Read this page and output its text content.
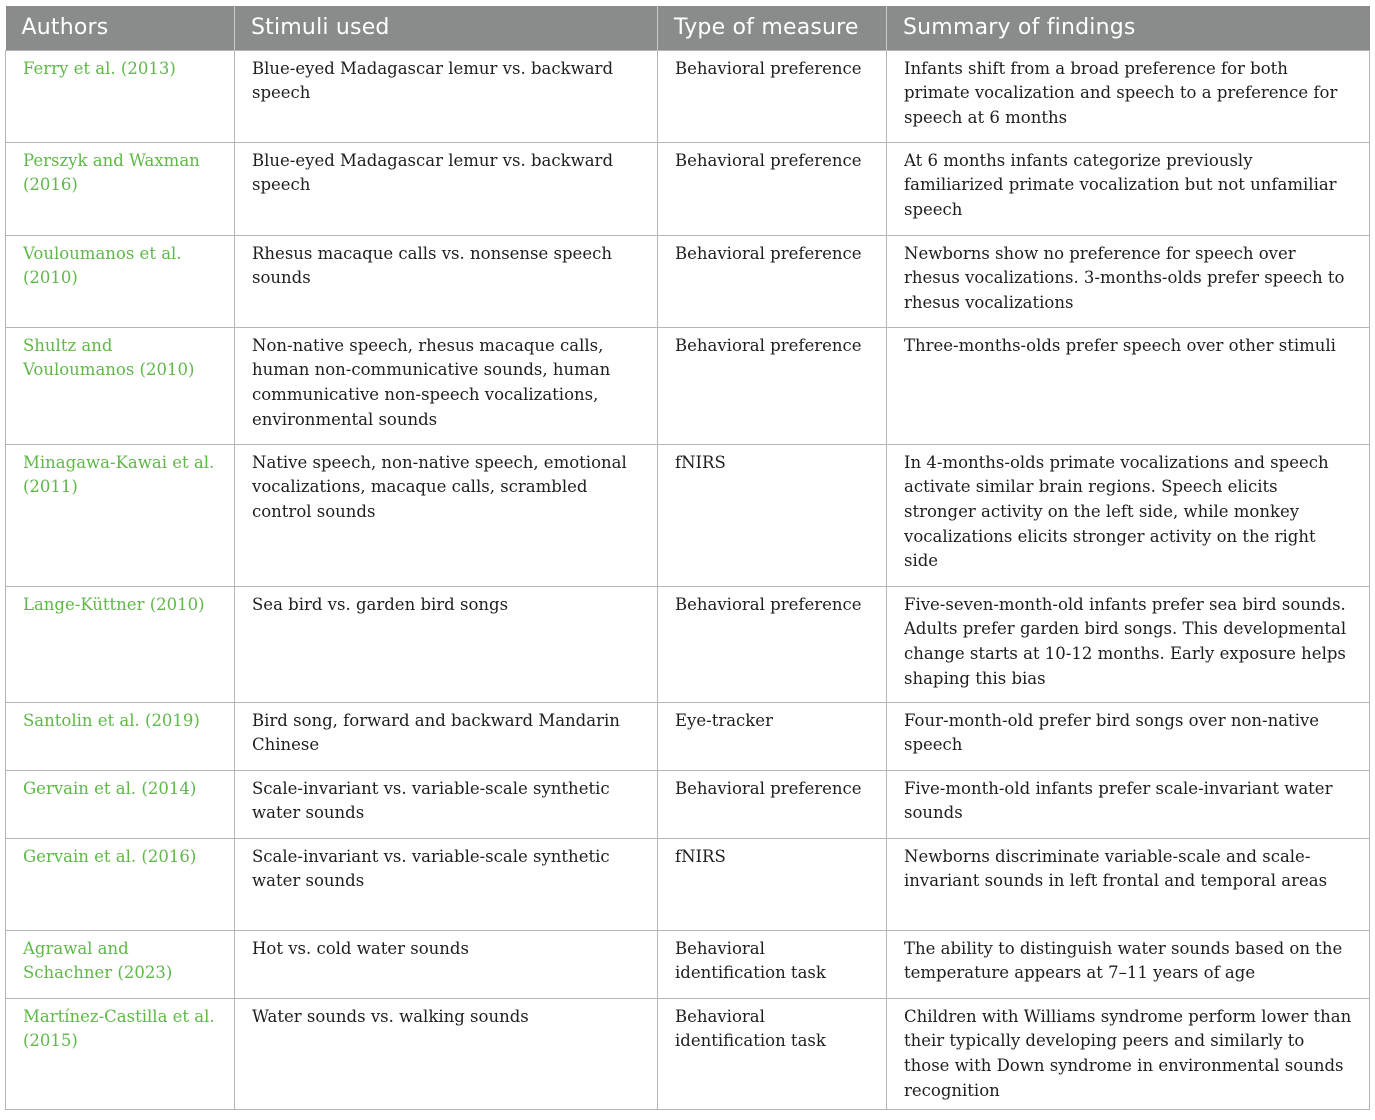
Authors	Stimuli used	Type of measure	Summary of findings
Ferry et al. (2013)	Blue-eyed Madagascar lemur vs. backward speech	Behavioral preference	Infants shift from a broad preference for both primate vocalization and speech to a preference for speech at 6 months
Perszyk and Waxman (2016)	Blue-eyed Madagascar lemur vs. backward speech	Behavioral preference	At 6 months infants categorize previously familiarized primate vocalization but not unfamiliar speech
Vouloumanos et al. (2010)	Rhesus macaque calls vs. nonsense speech sounds	Behavioral preference	Newborns show no preference for speech over rhesus vocalizations. 3-months-olds prefer speech to rhesus vocalizations
Shultz and Vouloumanos (2010)	Non-native speech, rhesus macaque calls, human non-communicative sounds, human communicative non-speech vocalizations, environmental sounds	Behavioral preference	Three-months-olds prefer speech over other stimuli
Minagawa-Kawai et al. (2011)	Native speech, non-native speech, emotional vocalizations, macaque calls, scrambled control sounds	fNIRS	In 4-months-olds primate vocalizations and speech activate similar brain regions. Speech elicits stronger activity on the left side, while monkey vocalizations elicits stronger activity on the right side
Lange-Küttner (2010)	Sea bird vs. garden bird songs	Behavioral preference	Five-seven-month-old infants prefer sea bird sounds. Adults prefer garden bird songs. This developmental change starts at 10-12 months. Early exposure helps shaping this bias
Santolin et al. (2019)	Bird song, forward and backward Mandarin Chinese	Eye-tracker	Four-month-old prefer bird songs over non-native speech
Gervain et al. (2014)	Scale-invariant vs. variable-scale synthetic water sounds	Behavioral preference	Five-month-old infants prefer scale-invariant water sounds
Gervain et al. (2016)	Scale-invariant vs. variable-scale synthetic water sounds	fNIRS	Newborns discriminate variable-scale and scale-invariant sounds in left frontal and temporal areas
Agrawal and Schachner (2023)	Hot vs. cold water sounds	Behavioral identification task	The ability to distinguish water sounds based on the temperature appears at 7–11 years of age
Martínez-Castilla et al. (2015)	Water sounds vs. walking sounds	Behavioral identification task	Children with Williams syndrome perform lower than their typically developing peers and similarly to those with Down syndrome in environmental sounds recognition
